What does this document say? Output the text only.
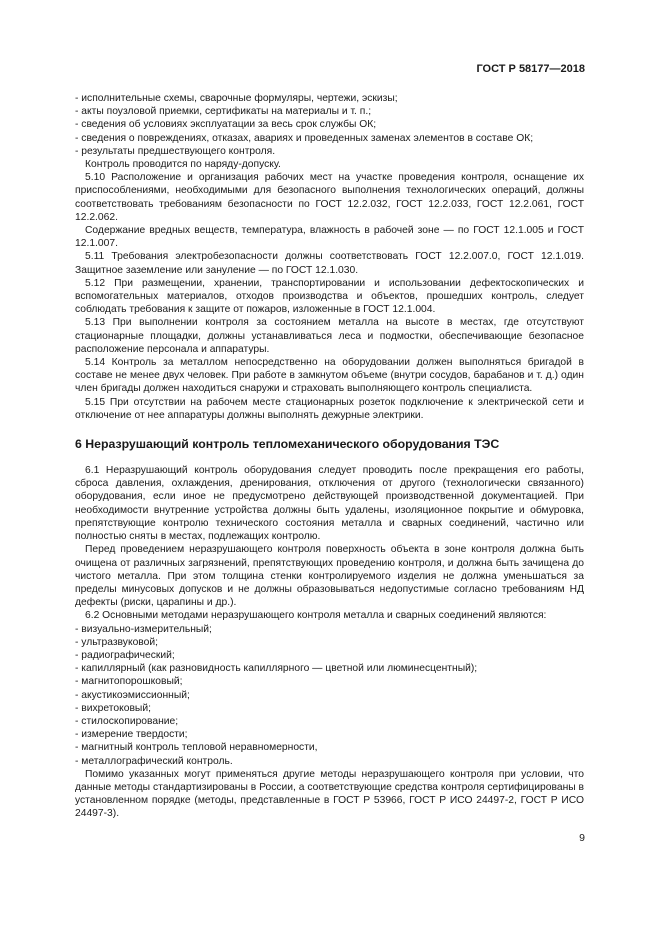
ГОСТ Р 58177—2018

- исполнительные схемы, сварочные формуляры, чертежи, эскизы;

- акты поузловой приемки, сертификаты на материалы и т. п.;

- сведения об условиях эксплуатации за весь срок службы ОК;

- сведения о повреждениях, отказах, авариях и проведенных заменах элементов в составе ОК;

- результаты предшествующего контроля.

Контроль проводится по наряду-допуску.

5.10 Расположение и организация рабочих мест на участке проведения контроля, оснащение их приспособлениями, необходимыми для безопасного выполнения технологических операций, должны соответствовать требованиям безопасности по ГОСТ 12.2.032, ГОСТ 12.2.033, ГОСТ 12.2.061, ГОСТ 12.2.062.

Содержание вредных веществ, температура, влажность в рабочей зоне — по ГОСТ 12.1.005 и ГОСТ 12.1.007.

5.11 Требования электробезопасности должны соответствовать ГОСТ 12.2.007.0, ГОСТ 12.1.019. Защитное заземление или зануление — по ГОСТ 12.1.030.

5.12 При размещении, хранении, транспортировании и использовании дефектоскопических и вспомогательных материалов, отходов производства и объектов, прошедших контроль, следует соблюдать требования к защите от пожаров, изложенные в ГОСТ 12.1.004.

5.13 При выполнении контроля за состоянием металла на высоте в местах, где отсутствуют стационарные площадки, должны устанавливаться леса и подмостки, обеспечивающие безопасное расположение персонала и аппаратуры.

5.14 Контроль за металлом непосредственно на оборудовании должен выполняться бригадой в составе не менее двух человек. При работе в замкнутом объеме (внутри сосудов, барабанов и т. д.) один член бригады должен находиться снаружи и страховать выполняющего контроль специалиста.

5.15 При отсутствии на рабочем месте стационарных розеток подключение к электрической сети и отключение от нее аппаратуры должны выполнять дежурные электрики.

6 Неразрушающий контроль тепломеханического оборудования ТЭС

6.1 Неразрушающий контроль оборудования следует проводить после прекращения его работы, сброса давления, охлаждения, дренирования, отключения от другого (технологически связанного) оборудования, если иное не предусмотрено действующей производственной документацией. При необходимости внутренние устройства должны быть удалены, изоляционное покрытие и обмуровка, препятствующие контролю технического состояния металла и сварных соединений, частично или полностью сняты в местах, подлежащих контролю.

Перед проведением неразрушающего контроля поверхность объекта в зоне контроля должна быть очищена от различных загрязнений, препятствующих проведению контроля, и должна быть зачищена до чистого металла. При этом толщина стенки контролируемого изделия не должна уменьшаться за пределы минусовых допусков и не должны образовываться недопустимые согласно требованиям НД дефекты (риски, царапины и др.).

6.2 Основными методами неразрушающего контроля металла и сварных соединений являются:

- визуально-измерительный;

- ультразвуковой;

- радиографический;

- капиллярный (как разновидность капиллярного — цветной или люминесцентный);

- магнитопорошковый;

- акустикоэмиссионный;

- вихретоковый;

- стилоскопирование;

- измерение твердости;

- магнитный контроль тепловой неравномерности,

- металлографический контроль.

Помимо указанных могут применяться другие методы неразрушающего контроля при условии, что данные методы стандартизированы в России, а соответствующие средства контроля сертифицированы в установленном порядке (методы, представленные в ГОСТ Р 53966, ГОСТ Р ИСО 24497-2, ГОСТ Р ИСО 24497-3).

9
